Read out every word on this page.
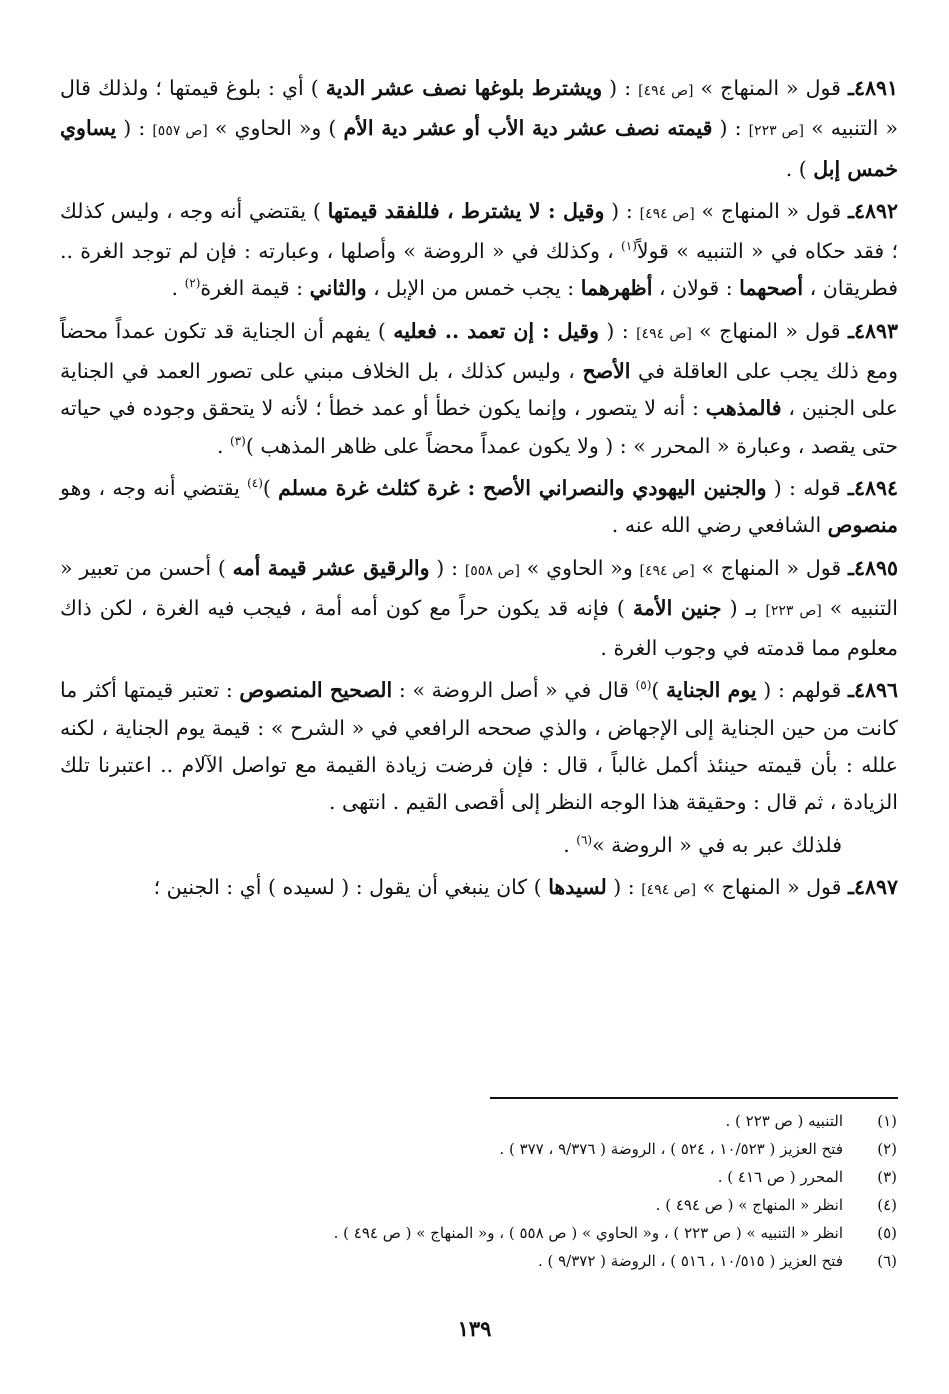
٤٨٩١ـ قول « المنهاج » [ص ٤٩٤] : ( ويشترط بلوغها نصف عشر الدية ) أي : بلوغ قيمتها ؛ ولذلك قال « التنبيه » [ص ٢٢٣] : ( قيمته نصف عشر دية الأب أو عشر دية الأم ) و« الحاوي » [ص ٥٥٧] : ( يساوي خمس إبل ) .

٤٨٩٢ـ قول « المنهاج » [ص ٤٩٤] : ( وقيل : لا يشترط ، فللفقد قيمتها ) يقتضي أنه وجه ، وليس كذلك ؛ فقد حكاه في « التنبيه » قولاً$^{(١)}$ ، وكذلك في « الروضة » وأصلها ، وعبارته : فإن لم توجد الغرة .. فطريقان ، أصحهما : قولان ، أظهرهما : يجب خمس من الإبل ، والثاني : قيمة الغرة$^{(٢)}$ .

٤٨٩٣ـ قول « المنهاج » [ص ٤٩٤] : ( وقيل : إن تعمد .. فعليه ) يفهم أن الجناية قد تكون عمداً محضاً ومع ذلك يجب على العاقلة في الأصح ، وليس كذلك ، بل الخلاف مبني على تصور العمد في الجناية على الجنين ، فالمذهب : أنه لا يتصور ، وإنما يكون خطأ أو عمد خطأ ؛ لأنه لا يتحقق وجوده في حياته حتى يقصد ، وعبارة « المحرر » : ( ولا يكون عمداً محضاً على ظاهر المذهب )$^{(٣)}$ .

٤٨٩٤ـ قوله : ( والجنين اليهودي والنصراني الأصح : غرة كثلث غرة مسلم )$^{(٤)}$ يقتضي أنه وجه ، وهو منصوص الشافعي رضي الله عنه .

٤٨٩٥ـ قول « المنهاج » [ص ٤٩٤] و« الحاوي » [ص ٥٥٨] : ( والرقيق عشر قيمة أمه ) أحسن من تعبير « التنبيه » [ص ٢٢٣] بـ ( جنين الأمة ) فإنه قد يكون حراً مع كون أمه أمة ، فيجب فيه الغرة ، لكن ذاك معلوم مما قدمته في وجوب الغرة .

٤٨٩٦ـ قولهم : ( يوم الجناية )$^{(٥)}$ قال في « أصل الروضة » : الصحيح المنصوص : تعتبر قيمتها أكثر ما كانت من حين الجناية إلى الإجهاض ، والذي صححه الرافعي في « الشرح » : قيمة يوم الجناية ، لكنه علله : بأن قيمته حينئذ أكمل غالباً ، قال : فإن فرضت زيادة القيمة مع تواصل الآلام .. اعتبرنا تلك الزيادة ، ثم قال : وحقيقة هذا الوجه النظر إلى أقصى القيم . انتهى .

فلذلك عبر به في « الروضة »$^{(٦)}$ .

٤٨٩٧ـ قول « المنهاج » [ص ٤٩٤] : ( لسيدها ) كان ينبغي أن يقول : ( لسيده ) أي : الجنين ؛

(١)التنبيه ( ص ٢٢٣ ) .
(٢)فتح العزيز ( ١٠/٥٢٣ ، ٥٢٤ ) ، الروضة ( ٩/٣٧٦ ، ٣٧٧ ) .
(٣)المحرر ( ص ٤١٦ ) .
(٤)انظر « المنهاج » ( ص ٤٩٤ ) .
(٥)انظر « التنبيه » ( ص ٢٢٣ ) ، و« الحاوي » ( ص ٥٥٨ ) ، و« المنهاج » ( ص ٤٩٤ ) .
(٦)فتح العزيز ( ١٠/٥١٥ ، ٥١٦ ) ، الروضة ( ٩/٣٧٢ ) .
١٣٩
